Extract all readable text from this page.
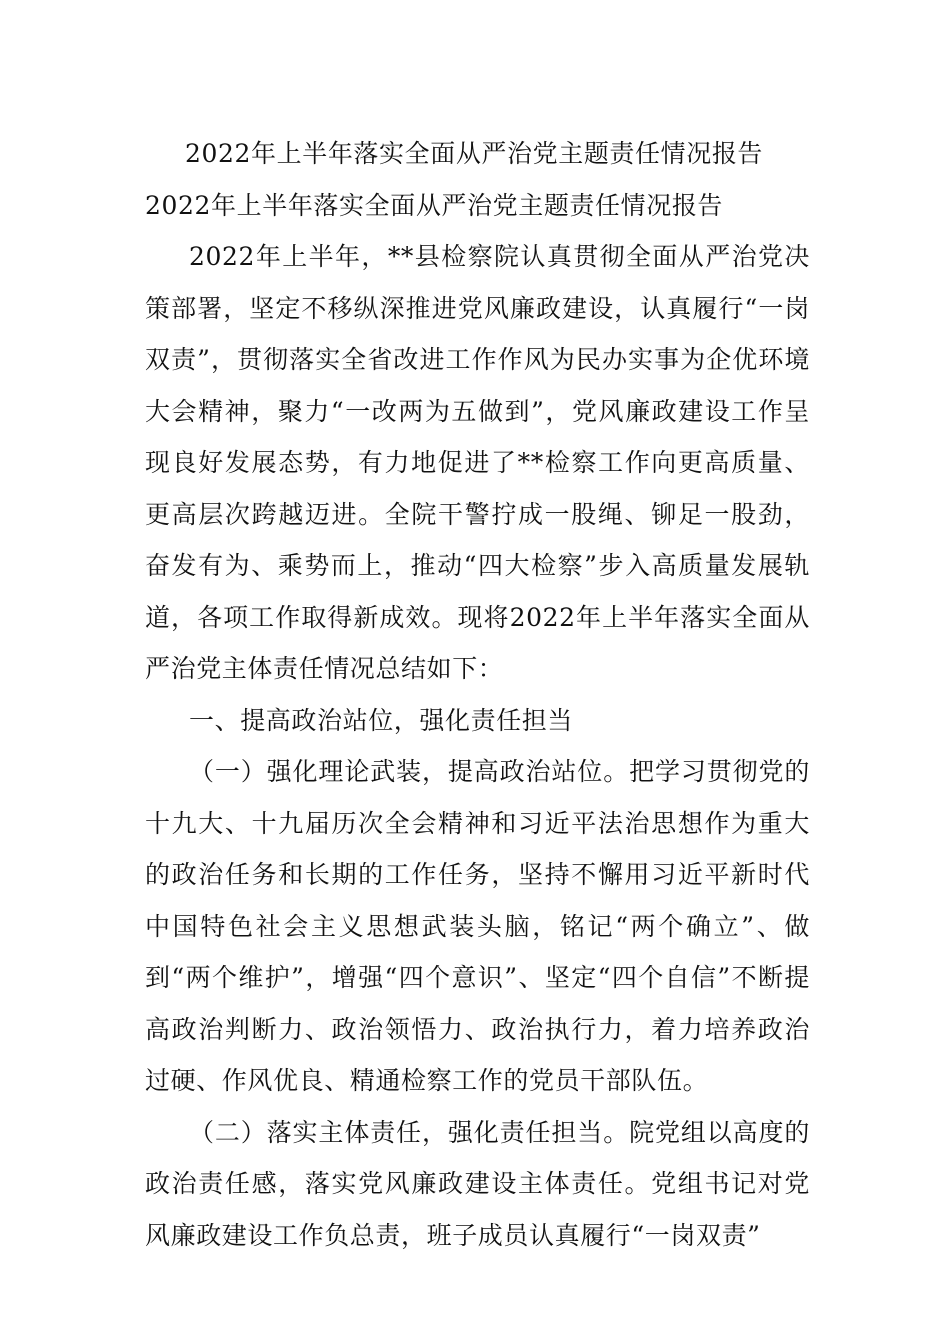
2022年上半年落实全面从严治党主题责任情况报告

2022年上半年落实全面从严治党主题责任情况报告

2022年上半年，**县检察院认真贯彻全面从严治党决策部署，坚定不移纵深推进党风廉政建设，认真履行“一岗双责”，贯彻落实全省改进工作作风为民办实事为企优环境大会精神，聚力“一改两为五做到”，党风廉政建设工作呈现良好发展态势，有力地促进了**检察工作向更高质量、更高层次跨越迈进。全院干警拧成一股绳、铆足一股劲，奋发有为、乘势而上，推动“四大检察”步入高质量发展轨道，各项工作取得新成效。现将2022年上半年落实全面从严治党主体责任情况总结如下：

一、提高政治站位，强化责任担当

（一）强化理论武装，提高政治站位。把学习贯彻党的十九大、十九届历次全会精神和习近平法治思想作为重大的政治任务和长期的工作任务，坚持不懈用习近平新时代中国特色社会主义思想武装头脑，铭记“两个确立”、做到“两个维护”，增强“四个意识”、坚定“四个自信”不断提高政治判断力、政治领悟力、政治执行力，着力培养政治过硬、作风优良、精通检察工作的党员干部队伍。

（二）落实主体责任，强化责任担当。院党组以高度的政治责任感，落实党风廉政建设主体责任。党组书记对党风廉政建设工作负总责，班子成员认真履行“一岗双责”
